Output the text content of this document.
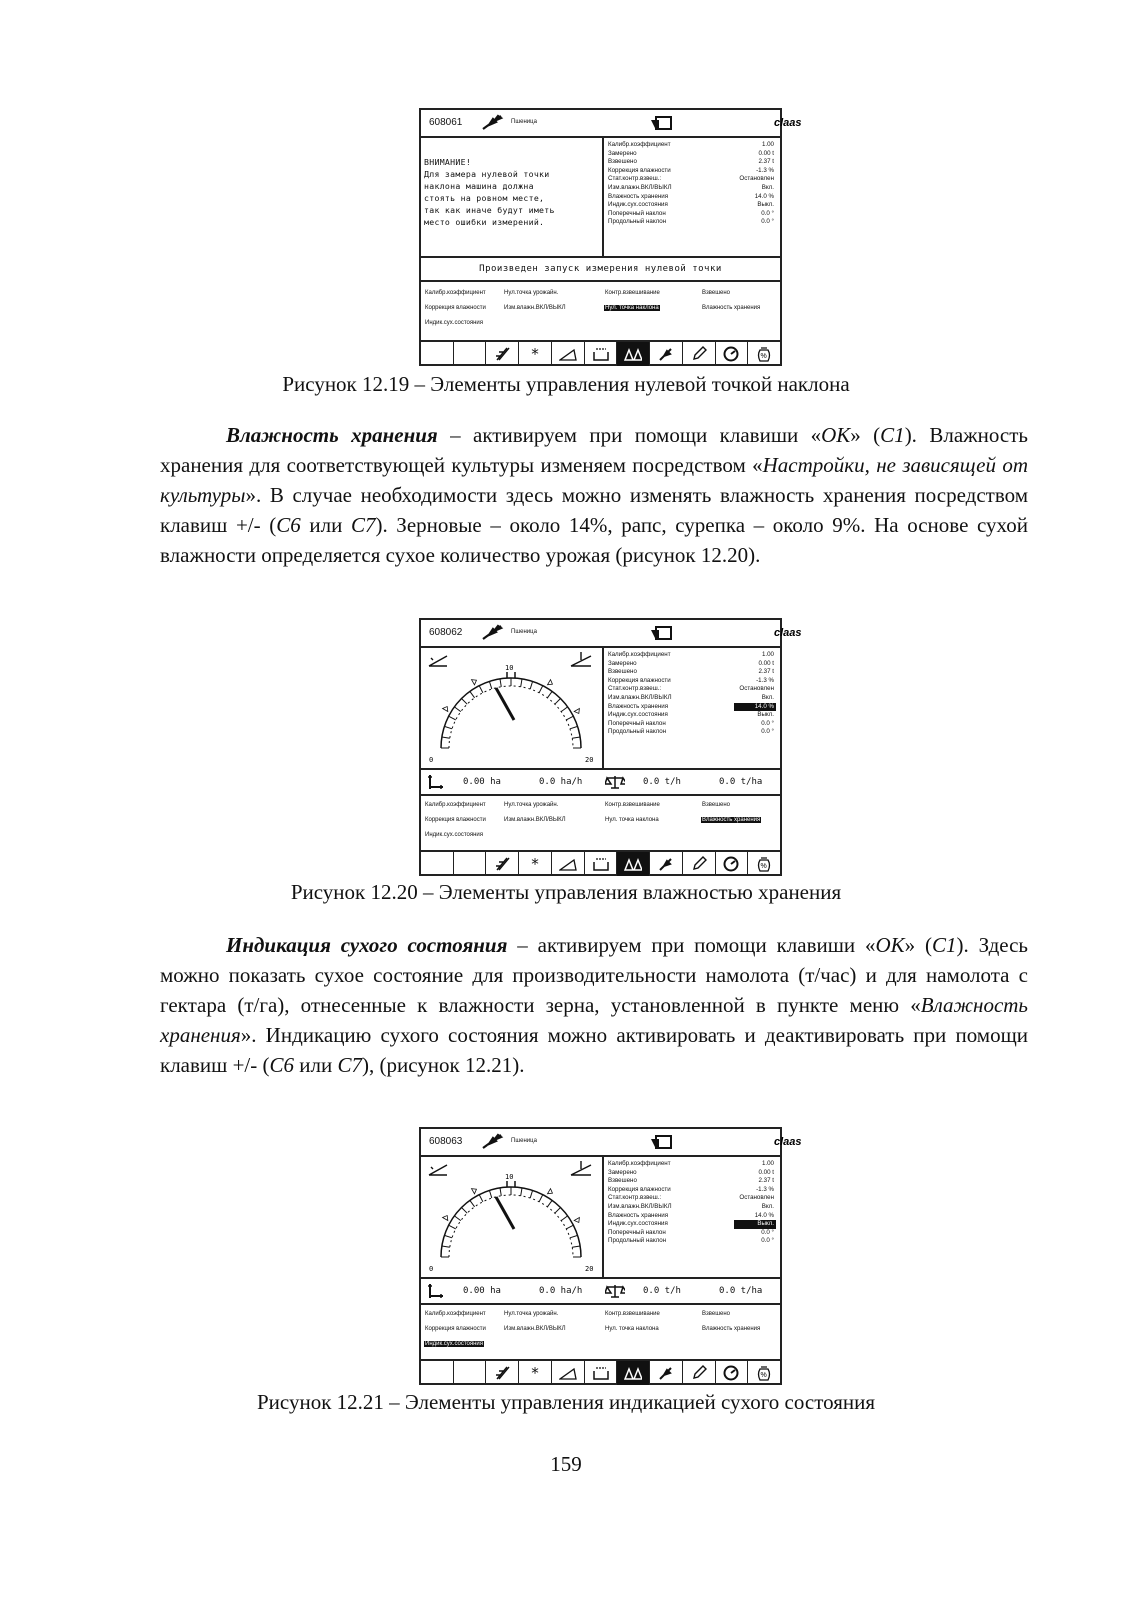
608061	Пшеница	claas
ВНИМАНИЕ!
Для замера нулевой точки
наклона машина должна
стоять на ровном месте,
так как иначе будут иметь
место ошибки измерений.
Калибр.коэффициент	1.00
Замерено	0.00 t
Взвешено	2.37 t
Коррекция влажности	-1.3 %
Стат.контр.взвеш.:	Остановлен
Изм.влажн.ВКЛ/ВЫКЛ	Вкл.
Влажность хранения	14.0 %
Индик.сух.состояния	Выкл.
Поперечный наклон	0.0 °
Продольный наклон	0.0 °
Произведен запуск измерения нулевой точки
Калибр.коэффициент	Нул.точка урожайн.	Контр.взвешивание	Взвешено
Коррекция влажности	Изм.влажн.ВКЛ/ВЫКЛ	Нул. точка наклона	Влажность хранения
Индик.сух.состояния
*	%
Рисунок 12.19 – Элементы управления нулевой точкой наклона
Влажность хранения – активируем при помощи клавиши «ОК» (С1). Влажность хранения для соответствующей культуры изменяем посредством «Настройки, не зависящей от культуры». В случае необходимости здесь можно изменять влажность хранения посредством клавиш +/- (С6 или С7). Зерновые – около 14%, рапс, сурепка – около 9%. На основе сухой влажности определяется сухое количество урожая (рисунок 12.20).
608062	Пшеница	claas
0
10
20
Калибр.коэффициент	1.00
Замерено	0.00 t
Взвешено	2.37 t
Коррекция влажности	-1.3 %
Стат.контр.взвеш.:	Остановлен
Изм.влажн.ВКЛ/ВЫКЛ	Вкл.
Влажность хранения	14.0 %
Индик.сух.состояния	Выкл.
Поперечный наклон	0.0 °
Продольный наклон	0.0 °
0.00 ha	0.0 ha/h	0.0 t/h	0.0 t/ha
Калибр.коэффициент	Нул.точка урожайн.	Контр.взвешивание	Взвешено
Коррекция влажности	Изм.влажн.ВКЛ/ВЫКЛ	Нул. точка наклона	Влажность хранения
Индик.сух.состояния
*	%
Рисунок 12.20 – Элементы управления влажностью хранения
Индикация сухого состояния – активируем при помощи клавиши «ОК» (С1). Здесь можно показать сухое состояние для производительности намолота (т/час) и для намолота с гектара (т/га), отнесенные к влажности зерна, установленной в пункте меню «Влажность хранения». Индикацию сухого состояния можно активировать и деактивировать при помощи клавиш +/- (С6 или С7), (рисунок 12.21).
608063	Пшеница	claas
0
10
20
Калибр.коэффициент	1.00
Замерено	0.00 t
Взвешено	2.37 t
Коррекция влажности	-1.3 %
Стат.контр.взвеш.:	Остановлен
Изм.влажн.ВКЛ/ВЫКЛ	Вкл.
Влажность хранения	14.0 %
Индик.сух.состояния	Выкл.
Поперечный наклон	0.0 °
Продольный наклон	0.0 °
0.00 ha	0.0 ha/h	0.0 t/h	0.0 t/ha
Калибр.коэффициент	Нул.точка урожайн.	Контр.взвешивание	Взвешено
Коррекция влажности	Изм.влажн.ВКЛ/ВЫКЛ	Нул. точка наклона	Влажность хранения
Индик.сух.состояния
*	%
Рисунок 12.21 – Элементы управления индикацией сухого состояния
159
